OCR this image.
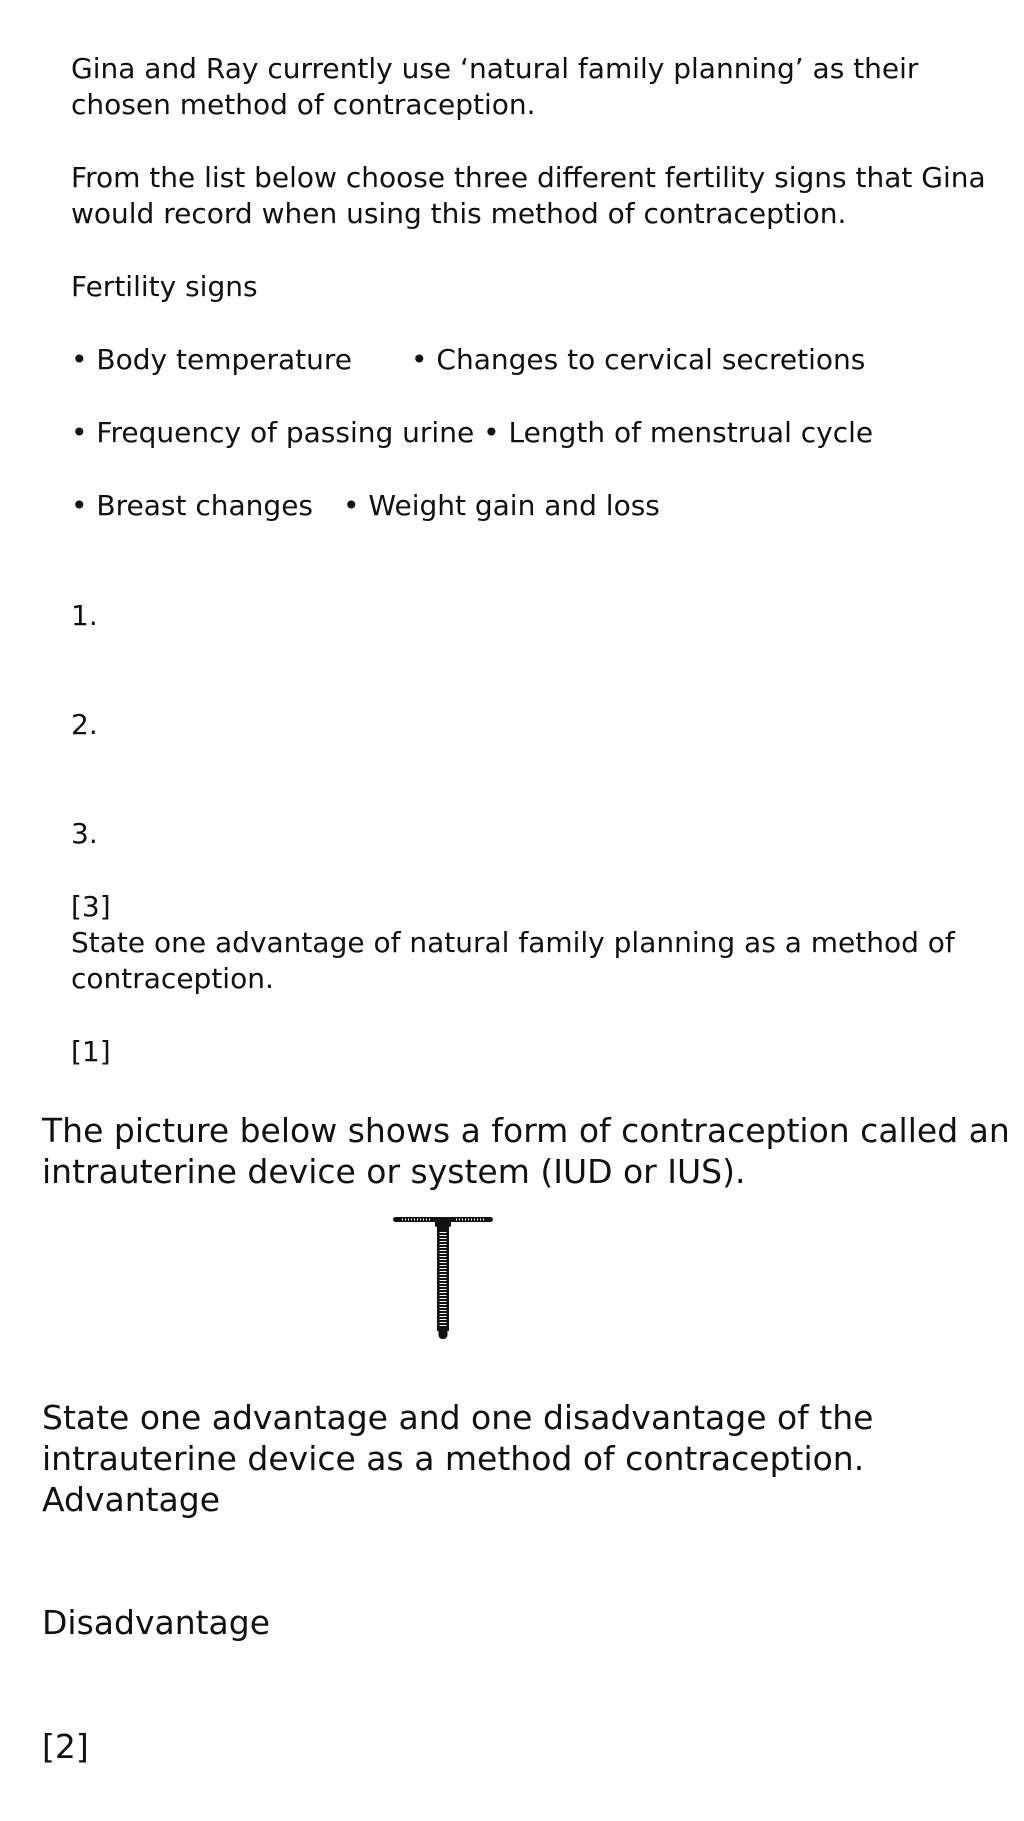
Gina and Ray currently use ‘natural family planning’ as their
chosen method of contraception.
From the list below choose three different fertility signs that Gina
would record when using this method of contraception.
Fertility signs
• Body temperature • Changes to cervical secretions
• Frequency of passing urine • Length of menstrual cycle
• Breast changes • Weight gain and loss
1.
2.
3.
[3]
State one advantage of natural family planning as a method of
contraception.
[1]
The picture below shows a form of contraception called an
intrauterine device or system (IUD or IUS).
State one advantage and one disadvantage of the
intrauterine device as a method of contraception.
Advantage
Disadvantage
[2]
